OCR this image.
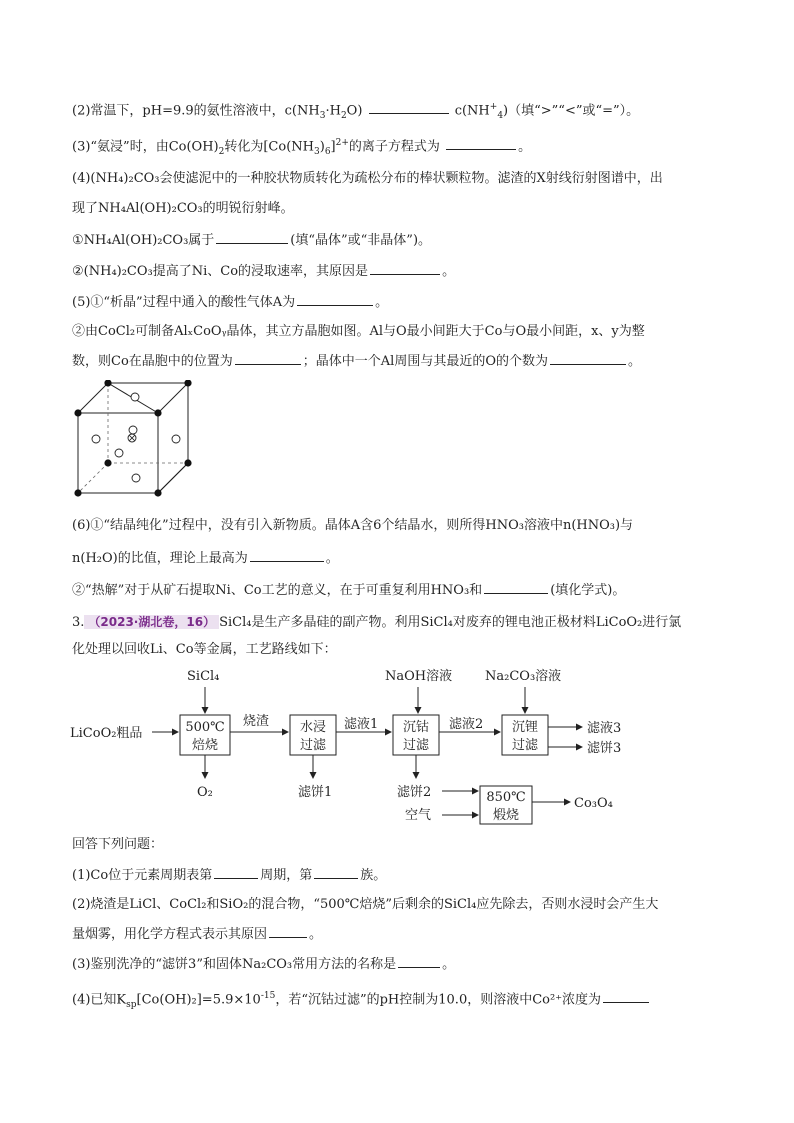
(2)常温下，pH=9.9的氨性溶液中，$c(NH_3\cdot H_2O)$	$c(NH^+_4)$（填“>”“<”或“=”）。
(3)“氨浸”时，由$Co(OH)_2$转化为$[Co(NH_3)_6]^{2+}$的离子方程式为	。
(4)(NH₄)₂CO₃会使滤泥中的一种胶状物质转化为疏松分布的棒状颗粒物。滤渣的X射线衍射图谱中，出
现了NH₄Al(OH)₂CO₃的明锐衍射峰。
①NH₄Al(OH)₂CO₃属于	(填“晶体”或“非晶体”)。
②(NH₄)₂CO₃提高了Ni、Co的浸取速率，其原因是	。
(5)①“析晶”过程中通入的酸性气体A为	。
②由CoCl₂可制备AlₓCoOᵧ晶体，其立方晶胞如图。Al与O最小间距大于Co与O最小间距，x、y为整
数，则Co在晶胞中的位置为	；晶体中一个Al周围与其最近的O的个数为	。
(6)①“结晶纯化”过程中，没有引入新物质。晶体A含6个结晶水，则所得HNO₃溶液中n(HNO₃)与
n(H₂O)的比值，理论上最高为	。
②“热解”对于从矿石提取Ni、Co工艺的意义，在于可重复利用HNO₃和	(填化学式)。
3. （2023·湖北卷，16） SiCl₄是生产多晶硅的副产物。利用SiCl₄对废弃的锂电池正极材料LiCoO₂进行氯
化处理以回收Li、Co等金属，工艺路线如下：
SiCl₄	NaOH溶液	Na₂CO₃溶液
LiCoO₂粗品
烧渣	滤液1	滤液2	滤液3
滤饼3
O₂	滤饼1	滤饼2
空气
Co₃O₄
500℃
焙烧
水浸
过滤
沉钴
过滤
沉锂
过滤
850℃
煅烧
回答下列问题：
(1)Co位于元素周期表第	周期，第	族。
(2)烧渣是LiCl、CoCl₂和SiO₂的混合物，“500℃焙烧”后剩余的SiCl₄应先除去，否则水浸时会产生大
量烟雾，用化学方程式表示其原因	。
(3)鉴别洗净的“滤饼3”和固体Na₂CO₃常用方法的名称是	。
(4)已知$K_{sp}[Co(OH)_2]=5.9\times 10^{-15}$，若“沉钴过滤”的pH控制为10.0，则溶液中Co²⁺浓度为
